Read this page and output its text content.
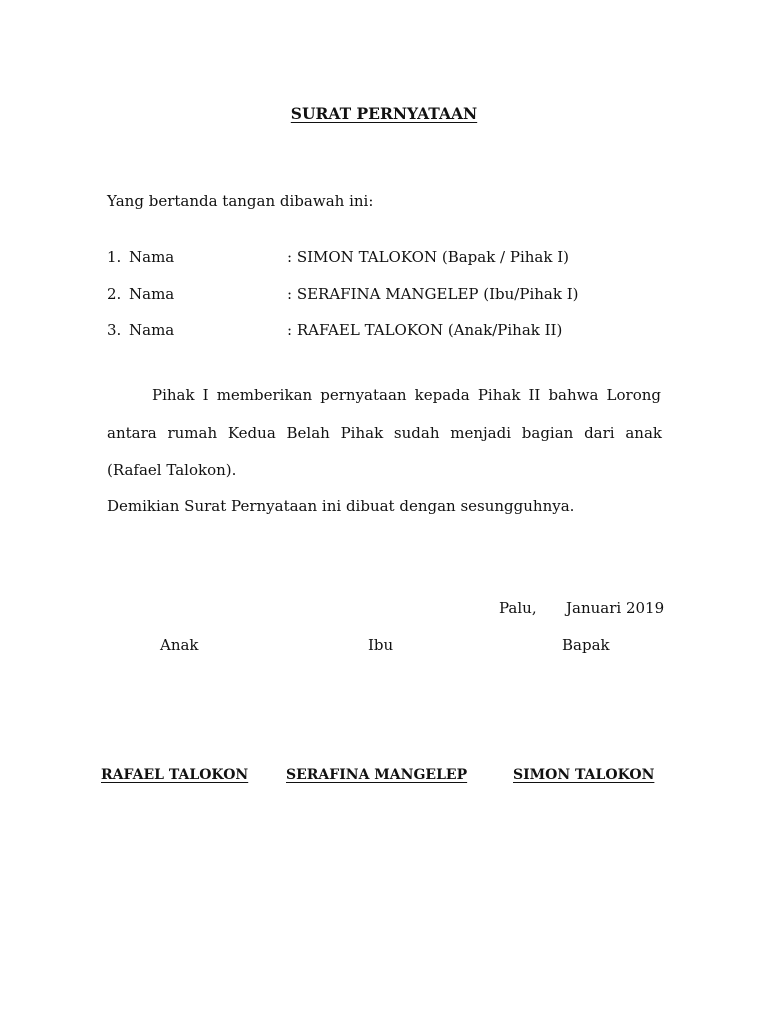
SURAT PERNYATAAN
Yang bertanda tangan dibawah ini:
1. Nama	: SIMON TALOKON (Bapak / Pihak I)
2. Nama	: SERAFINA MANGELEP (Ibu/Pihak I)
3. Nama	: RAFAEL TALOKON (Anak/Pihak II)
Pihak I memberikan pernyataan kepada Pihak II bahwa Lorong
antara rumah Kedua Belah Pihak sudah menjadi bagian dari anak
(Rafael Talokon).
Demikian Surat Pernyataan ini dibuat dengan sesungguhnya.
Palu, Januari 2019
Anak	Ibu	Bapak
RAFAEL TALOKON	SERAFINA MANGELEP	SIMON TALOKON
